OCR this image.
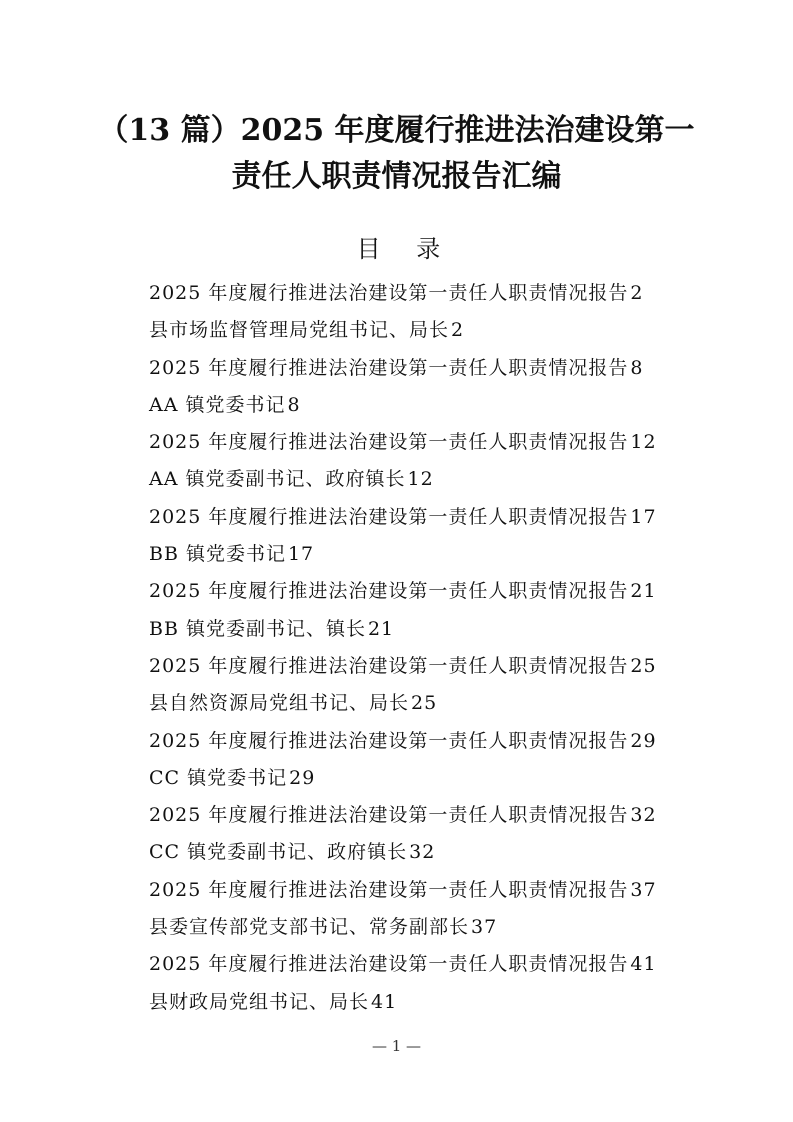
（13 篇）2025 年度履行推进法治建设第一
责任人职责情况报告汇编
目 录
2025 年度履行推进法治建设第一责任人职责情况报告 2
县市场监督管理局党组书记、局长 2
2025 年度履行推进法治建设第一责任人职责情况报告 8
AA 镇党委书记 8
2025 年度履行推进法治建设第一责任人职责情况报告 12
AA 镇党委副书记、政府镇长 12
2025 年度履行推进法治建设第一责任人职责情况报告 17
BB 镇党委书记 17
2025 年度履行推进法治建设第一责任人职责情况报告 21
BB 镇党委副书记、镇长 21
2025 年度履行推进法治建设第一责任人职责情况报告 25
县自然资源局党组书记、局长 25
2025 年度履行推进法治建设第一责任人职责情况报告 29
CC 镇党委书记 29
2025 年度履行推进法治建设第一责任人职责情况报告 32
CC 镇党委副书记、政府镇长 32
2025 年度履行推进法治建设第一责任人职责情况报告 37
县委宣传部党支部书记、常务副部长 37
2025 年度履行推进法治建设第一责任人职责情况报告 41
县财政局党组书记、局长 41
— 1 —
